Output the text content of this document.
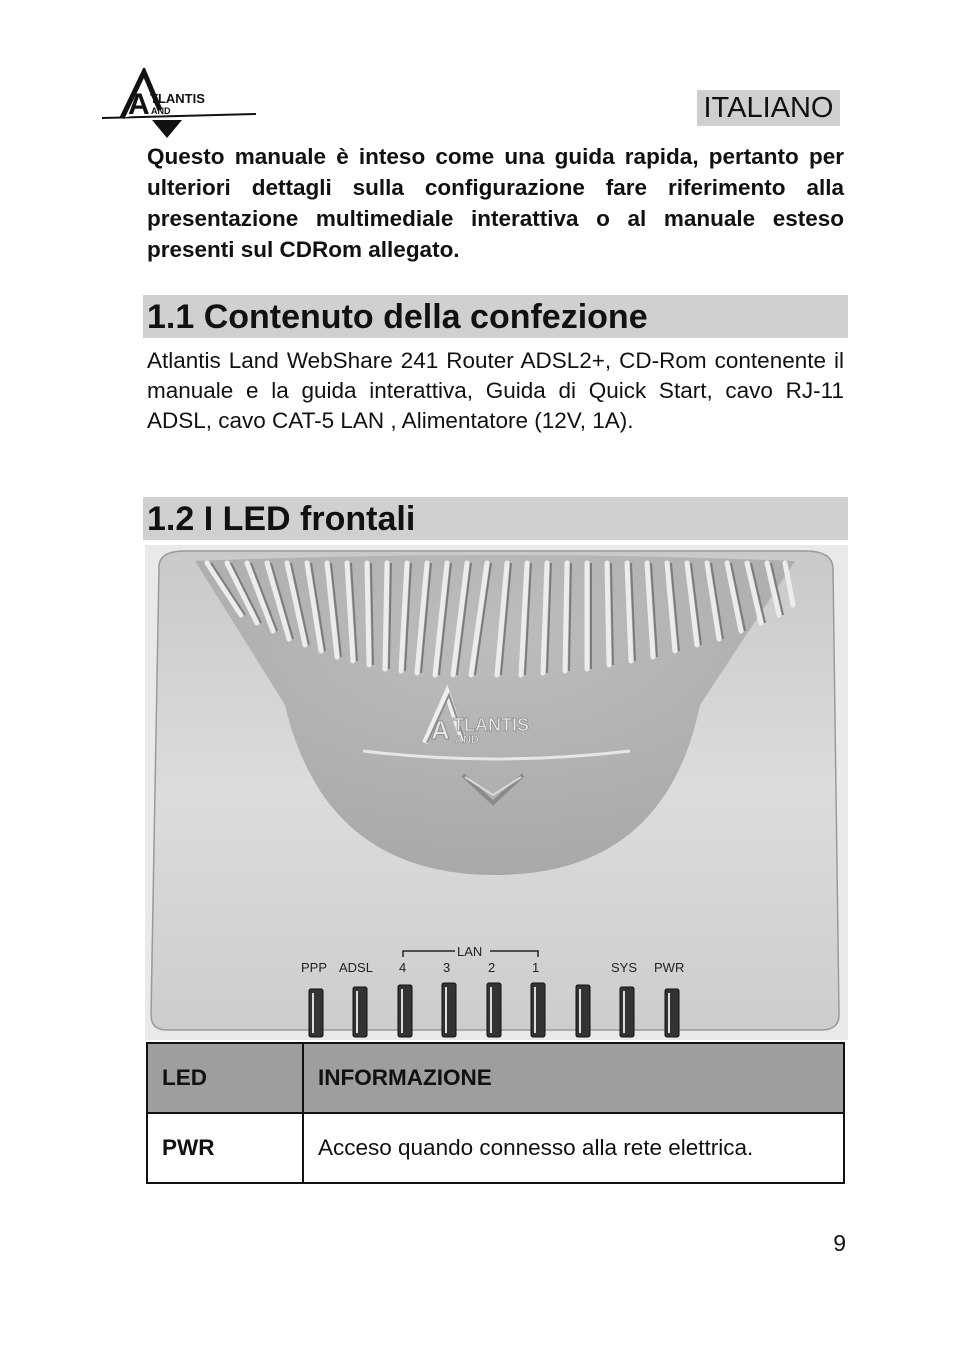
A TLANTIS
AND	ITALIANO
Questo manuale è inteso come una guida rapida, pertanto per ulteriori dettagli sulla configurazione fare riferimento alla presentazione multimediale interattiva o al manuale esteso presenti sul CDRom allegato.
1.1 Contenuto della confezione
Atlantis Land WebShare 241 Router ADSL2+, CD-Rom contenente il manuale e la guida interattiva, Guida di Quick Start, cavo RJ-11 ADSL, cavo CAT-5 LAN , Alimentatore (12V, 1A).
1.2 I LED frontali
A TLANTIS
AND
LAN
PPP ADSL 4	3	2	1	SYS PWR
LED	INFORMAZIONE
PWR	Acceso quando connesso alla rete elettrica.
9
